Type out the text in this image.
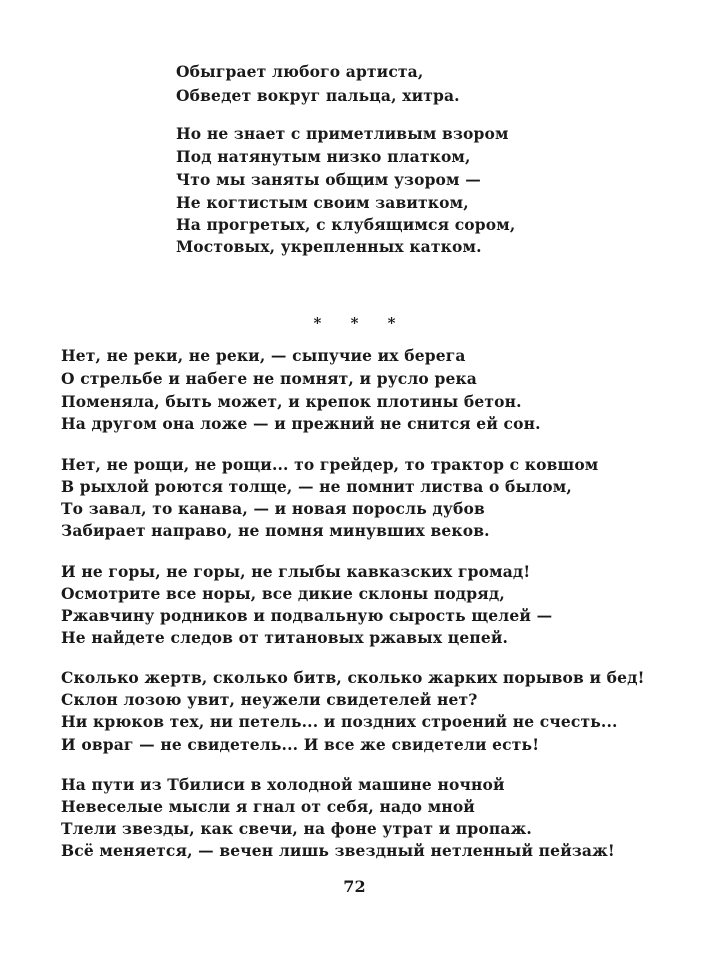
Обыграет любого артиста,
Обведет вокруг пальца, хитра.
Но не знает с приметливым взором
Под натянутым низко платком,
Что мы заняты общим узором —
Не когтистым своим завитком,
На прогретых, с клубящимся сором,
Мостовых, укрепленных катком.
* * *
Нет, не реки, не реки, — сыпучие их берега
О стрельбе и набеге не помнят, и русло река
Поменяла, быть может, и крепок плотины бетон.
На другом она ложе — и прежний не снится ей сон.
Нет, не рощи, не рощи... то грейдер, то трактор с ковшом
В рыхлой роются толще, — не помнит листва о былом,
То завал, то канава, — и новая поросль дубов
Забирает направо, не помня минувших веков.
И не горы, не горы, не глыбы кавказских громад!
Осмотрите все норы, все дикие склоны подряд,
Ржавчину родников и подвальную сырость щелей —
Не найдете следов от титановых ржавых цепей.
Сколько жертв, сколько битв, сколько жарких порывов и бед!
Склон лозою увит, неужели свидетелей нет?
Ни крюков тех, ни петель... и поздних строений не счесть...
И овраг — не свидетель... И все же свидетели есть!
На пути из Тбилиси в холодной машине ночной
Невеселые мысли я гнал от себя, надо мной
Тлели звезды, как свечи, на фоне утрат и пропаж.
Всё меняется, — вечен лишь звездный нетленный пейзаж!
72
